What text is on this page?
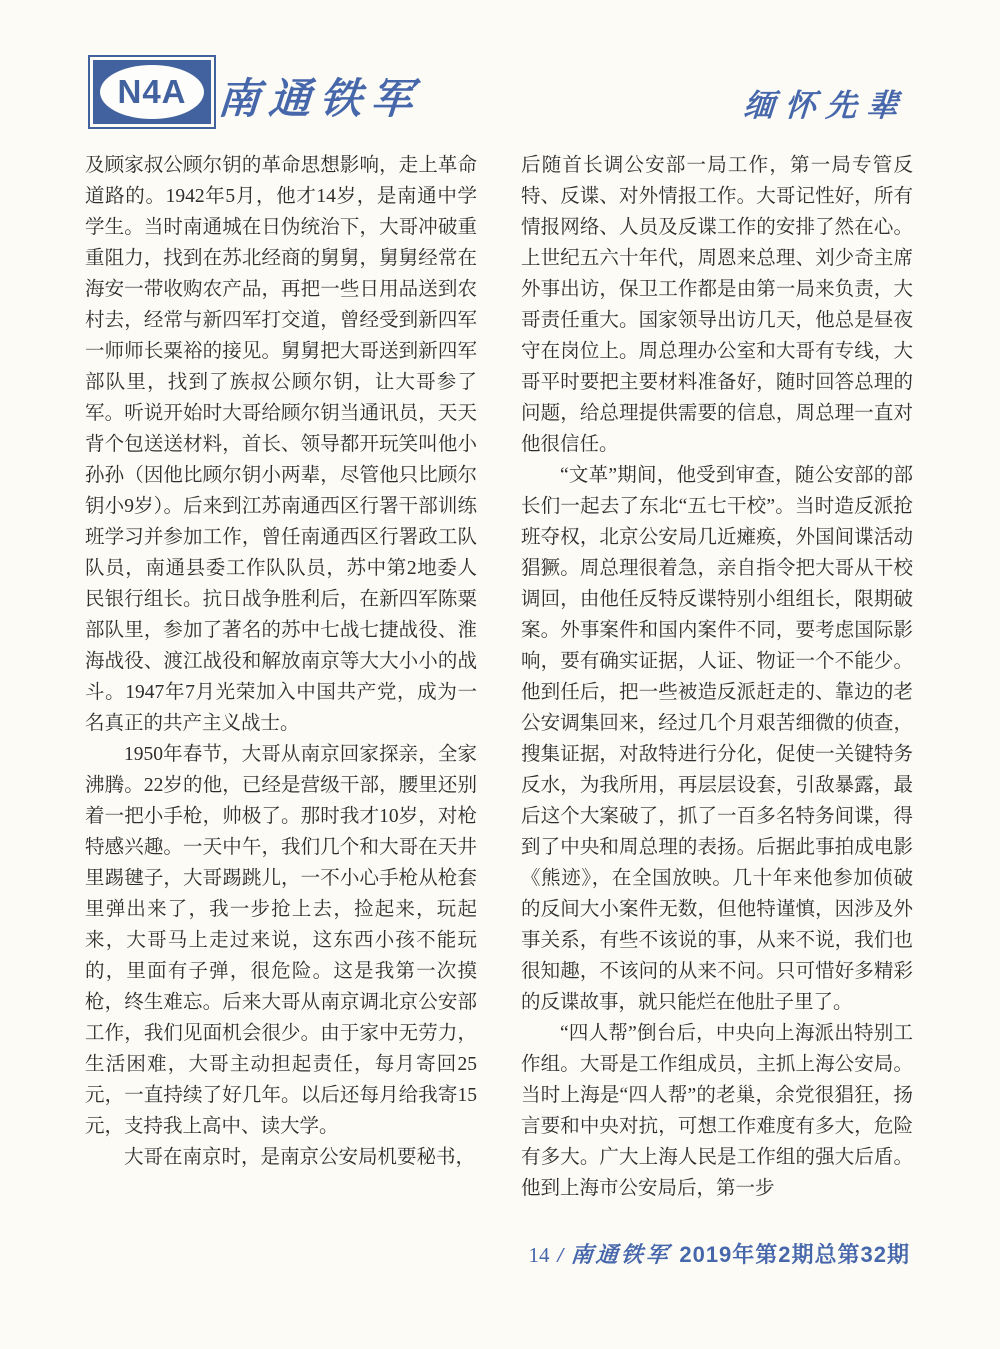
N4A 南通铁军	缅怀先辈

及顾家叔公顾尔钥的革命思想影响，走上革命道路的。1942年5月，他才14岁，是南通中学学生。当时南通城在日伪统治下，大哥冲破重重阻力，找到在苏北经商的舅舅，舅舅经常在海安一带收购农产品，再把一些日用品送到农村去，经常与新四军打交道，曾经受到新四军一师师长粟裕的接见。舅舅把大哥送到新四军部队里，找到了族叔公顾尔钥，让大哥参了军。听说开始时大哥给顾尔钥当通讯员，天天背个包送送材料，首长、领导都开玩笑叫他小孙孙（因他比顾尔钥小两辈，尽管他只比顾尔钥小9岁）。后来到江苏南通西区行署干部训练班学习并参加工作，曾任南通西区行署政工队队员，南通县委工作队队员，苏中第2地委人民银行组长。抗日战争胜利后，在新四军陈粟部队里，参加了著名的苏中七战七捷战役、淮海战役、渡江战役和解放南京等大大小小的战斗。1947年7月光荣加入中国共产党，成为一名真正的共产主义战士。

1950年春节，大哥从南京回家探亲，全家沸腾。22岁的他，已经是营级干部，腰里还别着一把小手枪，帅极了。那时我才10岁，对枪特感兴趣。一天中午，我们几个和大哥在天井里踢毽子，大哥踢跳儿，一不小心手枪从枪套里弹出来了，我一步抢上去，捡起来，玩起来，大哥马上走过来说，这东西小孩不能玩的，里面有子弹，很危险。这是我第一次摸枪，终生难忘。后来大哥从南京调北京公安部工作，我们见面机会很少。由于家中无劳力，生活困难，大哥主动担起责任，每月寄回25元，一直持续了好几年。以后还每月给我寄15元，支持我上高中、读大学。

大哥在南京时，是南京公安局机要秘书，

后随首长调公安部一局工作，第一局专管反特、反谍、对外情报工作。大哥记性好，所有情报网络、人员及反谍工作的安排了然在心。上世纪五六十年代，周恩来总理、刘少奇主席外事出访，保卫工作都是由第一局来负责，大哥责任重大。国家领导出访几天，他总是昼夜守在岗位上。周总理办公室和大哥有专线，大哥平时要把主要材料准备好，随时回答总理的问题，给总理提供需要的信息，周总理一直对他很信任。

“文革”期间，他受到审查，随公安部的部长们一起去了东北“五七干校”。当时造反派抢班夺权，北京公安局几近瘫痪，外国间谍活动猖獗。周总理很着急，亲自指令把大哥从干校调回，由他任反特反谍特别小组组长，限期破案。外事案件和国内案件不同，要考虑国际影响，要有确实证据，人证、物证一个不能少。他到任后，把一些被造反派赶走的、靠边的老公安调集回来，经过几个月艰苦细微的侦查，搜集证据，对敌特进行分化，促使一关键特务反水，为我所用，再层层设套，引敌暴露，最后这个大案破了，抓了一百多名特务间谍，得到了中央和周总理的表扬。后据此事拍成电影《熊迹》，在全国放映。几十年来他参加侦破的反间大小案件无数，但他特谨慎，因涉及外事关系，有些不该说的事，从来不说，我们也很知趣，不该问的从来不问。只可惜好多精彩的反谍故事，就只能烂在他肚子里了。

“四人帮”倒台后，中央向上海派出特别工作组。大哥是工作组成员，主抓上海公安局。当时上海是“四人帮”的老巢，余党很猖狂，扬言要和中央对抗，可想工作难度有多大，危险有多大。广大上海人民是工作组的强大后盾。他到上海市公安局后，第一步

14 / 南通铁军 2019年第2期总第32期
